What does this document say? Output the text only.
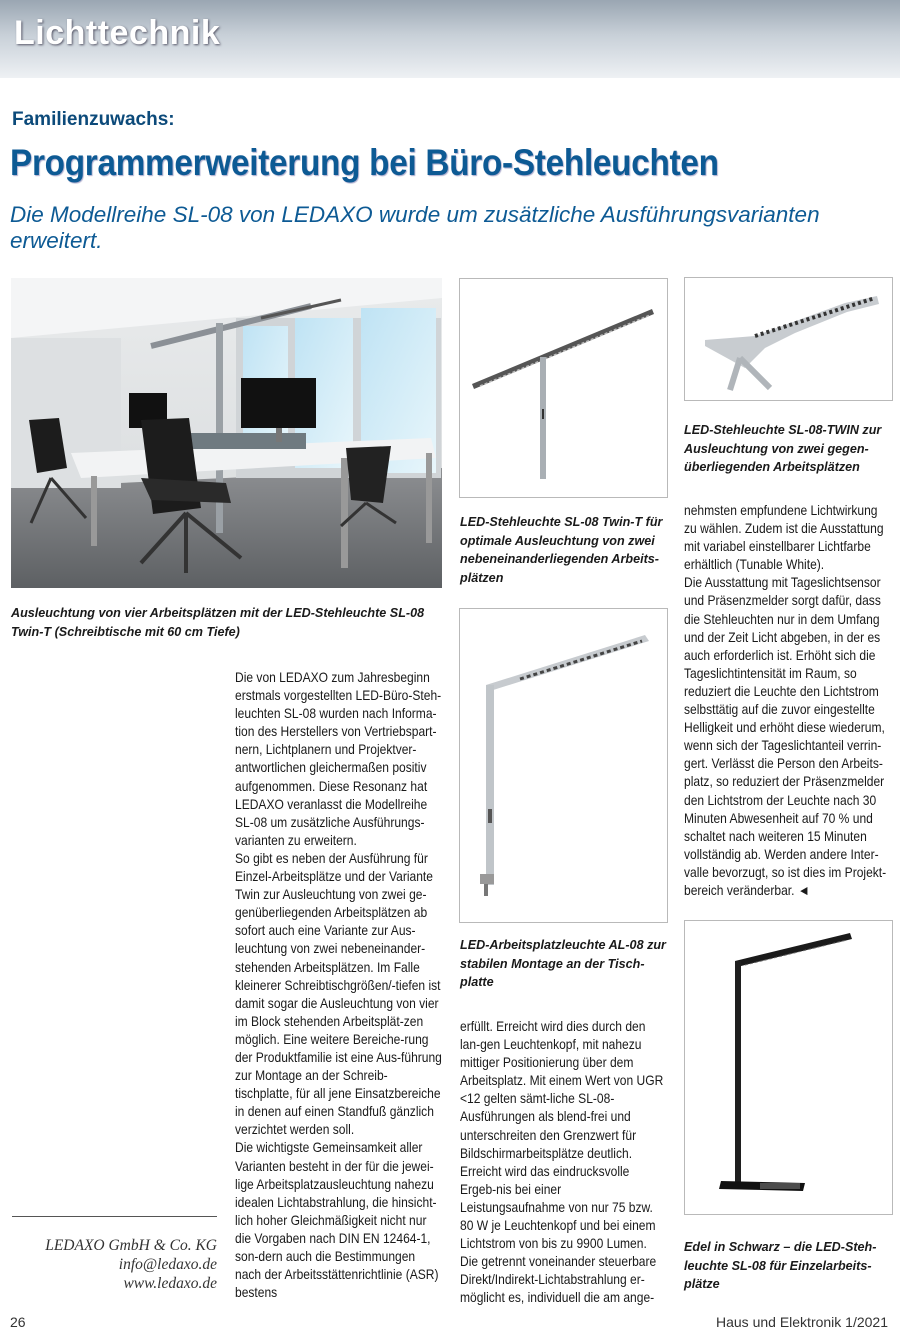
Lichttechnik
Familienzuwachs:
Programmerweiterung bei Büro-Stehleuchten
Die Modellreihe SL-08 von LEDAXO wurde um zusätzliche Ausführungsvarianten erweitert.
Ausleuchtung von vier Arbeitsplätzen mit der LED-Stehleuchte SL-08 Twin-T (Schreibtische mit 60 cm Tiefe)
LED-Stehleuchte SL-08 Twin-T für optimale Ausleuchtung von zwei nebeneinanderliegenden Arbeits-plätzen
LED-Stehleuchte SL-08-TWIN zur Ausleuchtung von zwei gegen-überliegenden Arbeitsplätzen
LED-Arbeitsplatzleuchte AL-08 zur stabilen Montage an der Tisch-platte
Edel in Schwarz – die LED-Steh-leuchte SL-08 für Einzelarbeits-plätze

Die von LEDAXO zum Jahresbeginn erstmals vorgestellten LED-Büro-Steh-leuchten SL-08 wurden nach Informa-tion des Herstellers von Vertriebspart-nern, Lichtplanern und Projektver-antwortlichen gleichermaßen positiv aufgenommen. Diese Resonanz hat LEDAXO veranlasst die Modellreihe SL-08 um zusätzliche Ausführungs-varianten zu erweitern.

So gibt es neben der Ausführung für Einzel-Arbeitsplätze und der Variante Twin zur Ausleuchtung von zwei ge-genüberliegenden Arbeitsplätzen ab sofort auch eine Variante zur Aus-leuchtung von zwei nebeneinander-stehenden Arbeitsplätzen. Im Falle kleinerer Schreibtischgrößen/-tiefen ist damit sogar die Ausleuchtung von vier im Block stehenden Arbeitsplät-zen möglich. Eine weitere Bereiche-rung der Produktfamilie ist eine Aus-führung zur Montage an der Schreib-tischplatte, für all jene Einsatzbereiche in denen auf einen Standfuß gänzlich verzichtet werden soll.

Die wichtigste Gemeinsamkeit aller Varianten besteht in der für die jewei-lige Arbeitsplatzausleuchtung nahezu idealen Lichtabstrahlung, die hinsicht-lich hoher Gleichmäßigkeit nicht nur die Vorgaben nach DIN EN 12464-1, son-dern auch die Bestimmungen nach der Arbeitsstättenrichtlinie (ASR) bestens

erfüllt. Erreicht wird dies durch den lan-gen Leuchtenkopf, mit nahezu mittiger Positionierung über dem Arbeitsplatz. Mit einem Wert von UGR <12 gelten sämt-liche SL-08-Ausführungen als blend-frei und unterschreiten den Grenzwert für Bildschirmarbeitsplätze deutlich.

Erreicht wird das eindrucksvolle Ergeb-nis bei einer Leistungsaufnahme von nur 75 bzw. 80 W je Leuchtenkopf und bei einem Lichtstrom von bis zu 9900 Lumen.

Die getrennt voneinander steuerbare Direkt/Indirekt-Lichtabstrahlung er-möglicht es, individuell die am ange-

nehmsten empfundene Lichtwirkung zu wählen. Zudem ist die Ausstattung mit variabel einstellbarer Lichtfarbe erhältlich (Tunable White).

Die Ausstattung mit Tageslichtsensor und Präsenzmelder sorgt dafür, dass die Stehleuchten nur in dem Umfang und der Zeit Licht abgeben, in der es auch erforderlich ist. Erhöht sich die Tageslichtintensität im Raum, so reduziert die Leuchte den Lichtstrom selbsttätig auf die zuvor eingestellte Helligkeit und erhöht diese wiederum, wenn sich der Tageslichtanteil verrin-gert. Verlässt die Person den Arbeits-platz, so reduziert der Präsenzmelder den Lichtstrom der Leuchte nach 30 Minuten Abwesenheit auf 70 % und schaltet nach weiteren 15 Minuten vollständig ab. Werden andere Inter-valle bevorzugt, so ist dies im Projekt-bereich veränderbar. ◄

LEDAXO GmbH & Co. KG
info@ledaxo.de
www.ledaxo.de
26	Haus und Elektronik 1/2021
